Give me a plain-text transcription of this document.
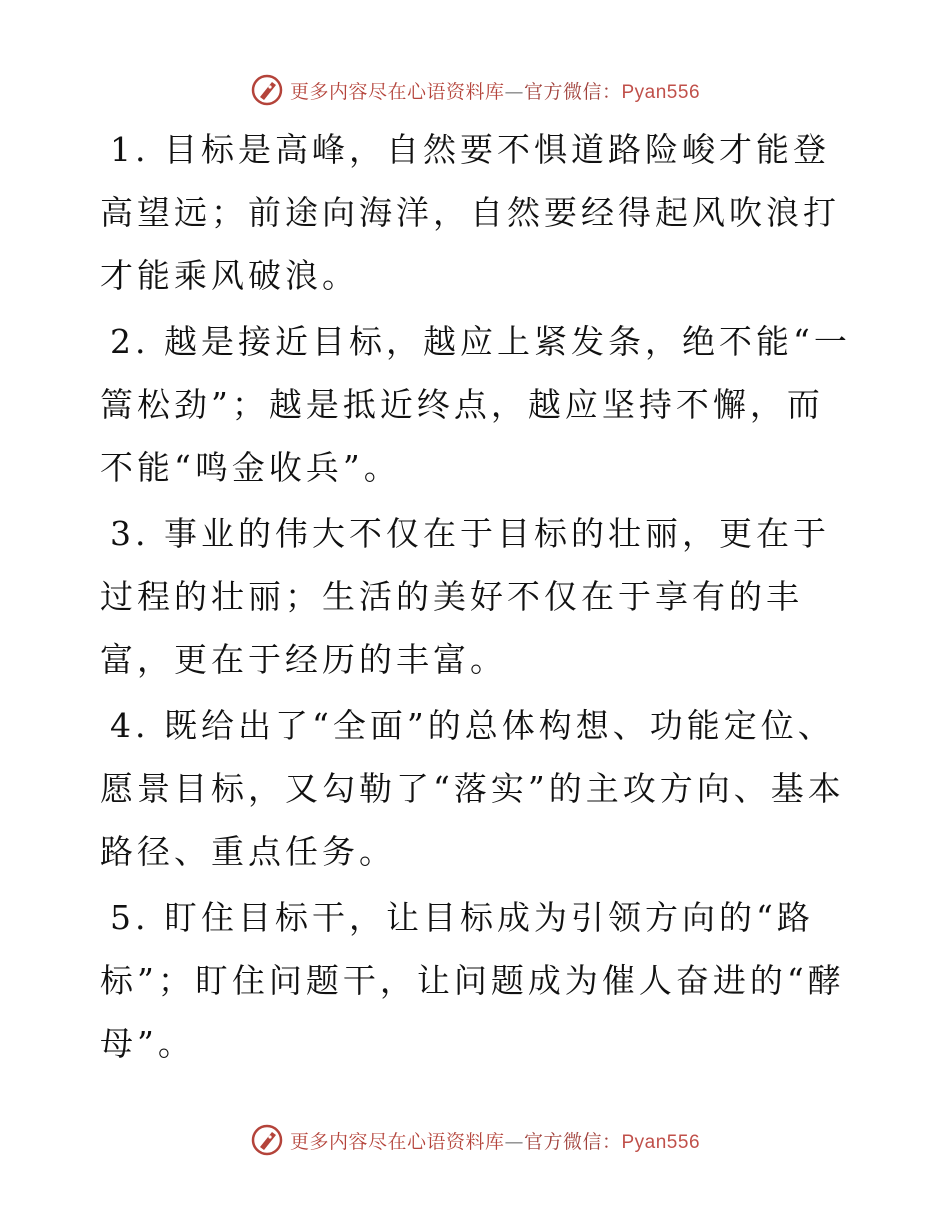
更多内容尽在心语资料库—官方微信：Pyan556

1. 目标是高峰，自然要不惧道路险峻才能登高望远；前途向海洋，自然要经得起风吹浪打才能乘风破浪。

2. 越是接近目标，越应上紧发条，绝不能“一篙松劲”；越是抵近终点，越应坚持不懈，而不能“鸣金收兵”。

3. 事业的伟大不仅在于目标的壮丽，更在于过程的壮丽；生活的美好不仅在于享有的丰富，更在于经历的丰富。

4. 既给出了“全面”的总体构想、功能定位、愿景目标，又勾勒了“落实”的主攻方向、基本路径、重点任务。

5. 盯住目标干，让目标成为引领方向的“路标”；盯住问题干，让问题成为催人奋进的“酵母”。

更多内容尽在心语资料库—官方微信：Pyan556
